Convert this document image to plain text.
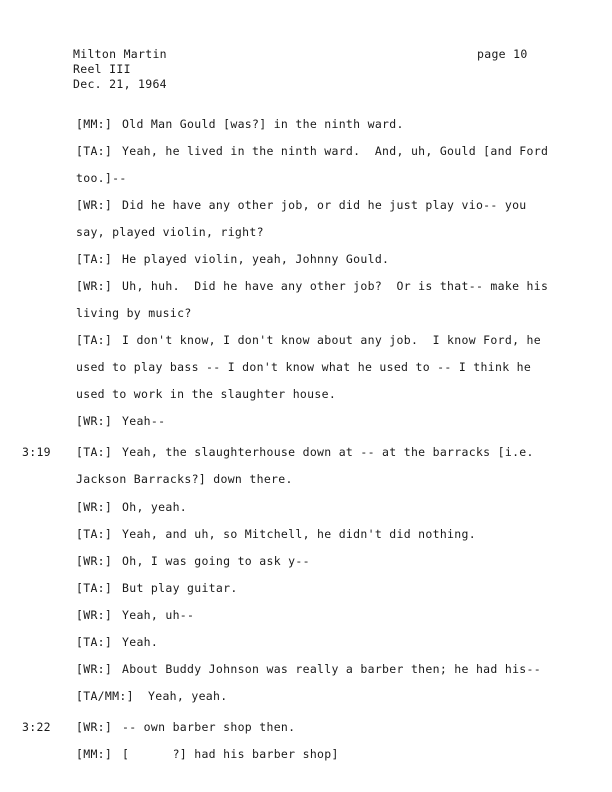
Milton Martin
Reel III
Dec. 21, 1964
page 10
[MM:] Old Man Gould [was?] in the ninth ward.
[TA:] Yeah, he lived in the ninth ward.  And, uh, Gould [and Ford
too.]--
[WR:] Did he have any other job, or did he just play vio-- you
say, played violin, right?
[TA:] He played violin, yeah, Johnny Gould.
[WR:] Uh, huh.  Did he have any other job?  Or is that-- make his
living by music?
[TA:] I don't know, I don't know about any job.  I know Ford, he
used to play bass -- I don't know what he used to -- I think he
used to work in the slaughter house.
[WR:] Yeah--
[TA:] Yeah, the slaughterhouse down at -- at the barracks [i.e.
3:19
Jackson Barracks?] down there.
[WR:] Oh, yeah.
[TA:] Yeah, and uh, so Mitchell, he didn't did nothing.
[WR:] Oh, I was going to ask y--
[TA:] But play guitar.
[WR:] Yeah, uh--
[TA:] Yeah.
[WR:] About Buddy Johnson was really a barber then; he had his--
[TA/MM:] Yeah, yeah.
[WR:] -- own barber shop then.
3:22
[MM:] [      ?] had his barber shop]
